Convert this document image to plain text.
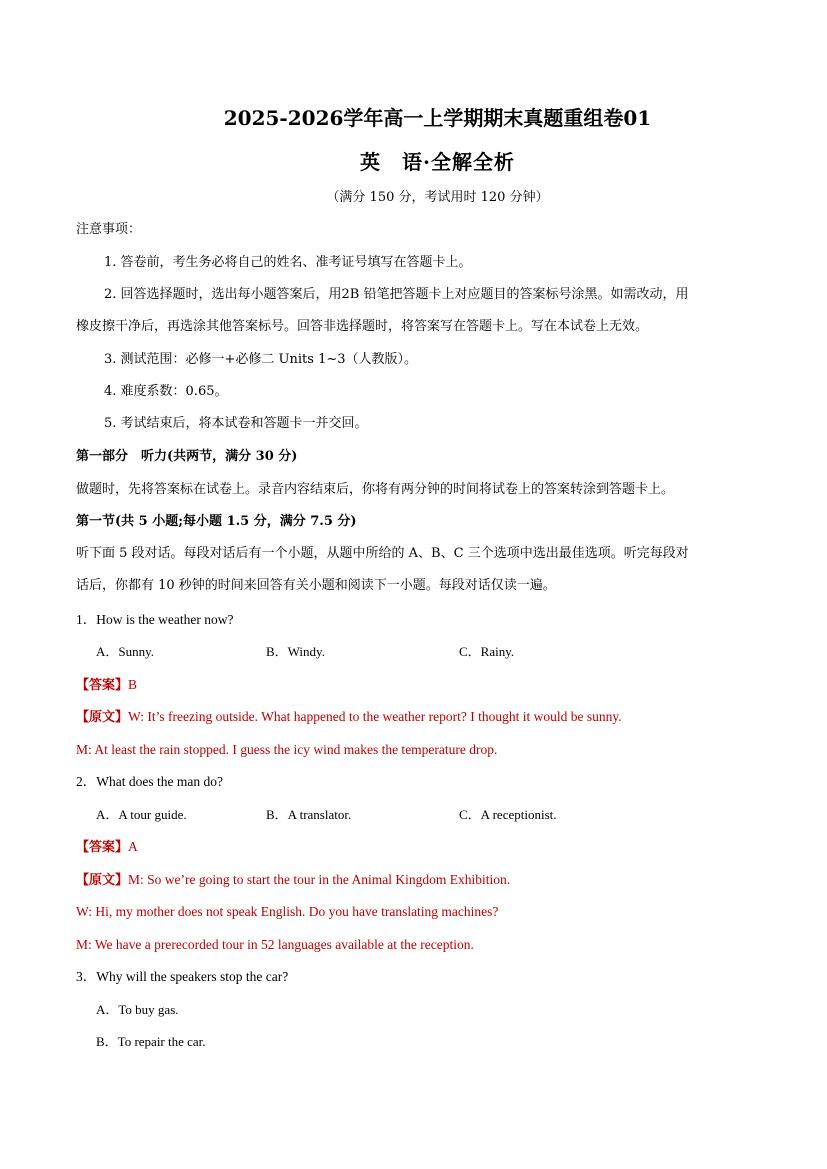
2025-2026学年高一上学期期末真题重组卷01
英　语·全解全析
（满分 150 分，考试用时 120 分钟）
注意事项：
1. 答卷前，考生务必将自己的姓名、准考证号填写在答题卡上。
2. 回答选择题时，选出每小题答案后，用2B 铅笔把答题卡上对应题目的答案标号涂黑。如需改动，用
橡皮擦干净后，再选涂其他答案标号。回答非选择题时，将答案写在答题卡上。写在本试卷上无效。
3. 测试范围：必修一+必修二 Units 1~3（人教版）。
4. 难度系数：0.65。
5. 考试结束后，将本试卷和答题卡一并交回。
第一部分　听力(共两节，满分 30 分)
做题时，先将答案标在试卷上。录音内容结束后，你将有两分钟的时间将试卷上的答案转涂到答题卡上。
第一节(共 5 小题;每小题 1.5 分，满分 7.5 分)
听下面 5 段对话。每段对话后有一个小题，从题中所给的 A、B、C 三个选项中选出最佳选项。听完每段对
话后，你都有 10 秒钟的时间来回答有关小题和阅读下一小题。每段对话仅读一遍。
1．How is the weather now?
A．Sunny.	B．Windy.	C．Rainy.
【答案】B
【原文】W: It’s freezing outside. What happened to the weather report? I thought it would be sunny.
M: At least the rain stopped. I guess the icy wind makes the temperature drop.
2．What does the man do?
A．A tour guide.	B．A translator.	C．A receptionist.
【答案】A
【原文】M: So we’re going to start the tour in the Animal Kingdom Exhibition.
W: Hi, my mother does not speak English. Do you have translating machines?
M: We have a prerecorded tour in 52 languages available at the reception.
3．Why will the speakers stop the car?
A．To buy gas.
B．To repair the car.
